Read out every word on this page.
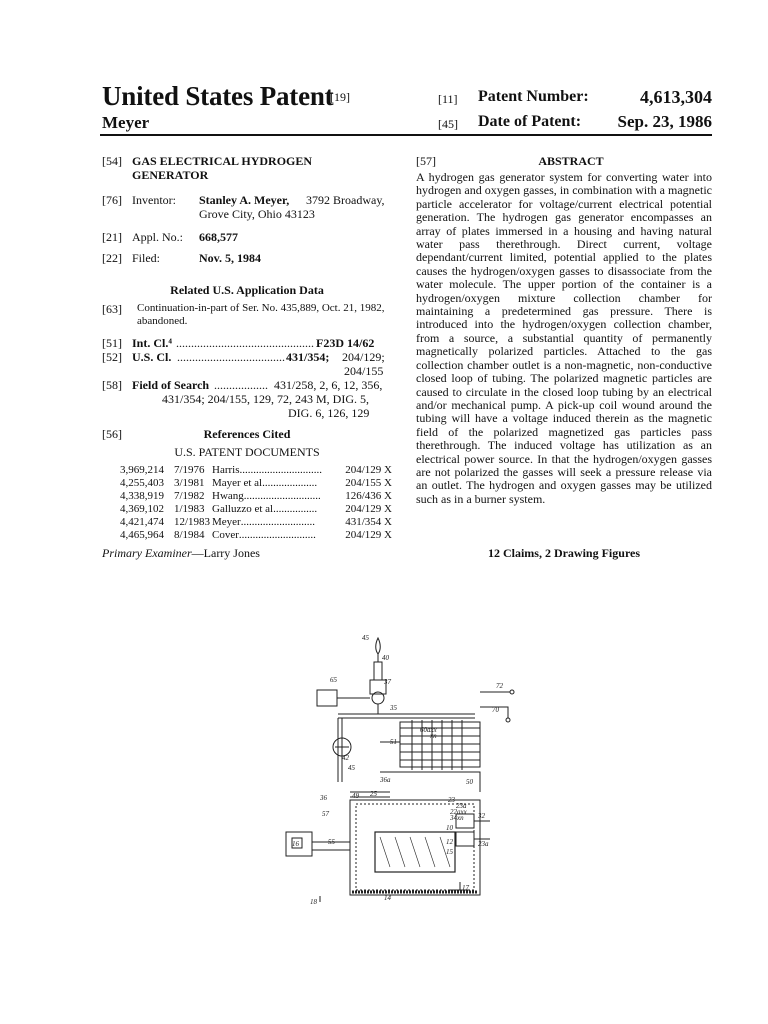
United States Patent
[19]
Meyer
[11] Patent Number:	4,613,304
[45] Date of Patent:	Sep. 23, 1986
[54] GAS ELECTRICAL HYDROGEN
GENERATOR
[76] Inventor: Stanley A. Meyer, 3792 Broadway,
Grove City, Ohio 43123
[21] Appl. No.: 668,577
[22] Filed:	Nov. 5, 1984
Related U.S. Application Data
[63] Continuation-in-part of Ser. No. 435,889, Oct. 21, 1982,
abandoned.
[51] Int. Cl.⁴ .............................................. F23D 14/62
[52] U.S. Cl. .................................... 431/354; 204/129;
204/155
[58] Field of Search .................. 431/258, 2, 6, 12, 356,
431/354; 204/155, 129, 72, 243 M, DIG. 5,
DIG. 6, 126, 129
[56]	References Cited
U.S. PATENT DOCUMENTS
3,969,214 7/1976 Harris ..............................	204/129 X
4,255,403 3/1981 Mayer et al. ...................	204/155 X
4,338,919 7/1982 Hwang ............................	126/436 X
4,369,102 1/1983 Galluzzo et al. ...............	204/129 X
4,421,474 12/1983 Meyer ...........................	431/354 X
4,465,964 8/1984 Cover ............................	204/129 X
Primary Examiner—Larry Jones
[57]	ABSTRACT
A hydrogen gas generator system for converting water into hydrogen and oxygen gasses, in combination with a magnetic particle accelerator for voltage/current electrical potential generation. The hydrogen gas generator encompasses an array of plates immersed in a housing and having natural water pass therethrough. Direct current, voltage dependant/current limited, potential applied to the plates causes the hydrogen/oxygen gasses to disassociate from the water molecule. The upper portion of the container is a hydrogen/oxygen mixture collection chamber for maintaining a predetermined gas pressure. There is introduced into the hydrogen/oxygen collection chamber, from a source, a substantial quantity of permanently magnetically polarized particles. Attached to the gas collection chamber outlet is a non-magnetic, non-conductive closed loop of tubing. The polarized magnetic particles are caused to circulate in the closed loop tubing by an electrical and/or mechanical pump. A pick-up coil wound around the tubing will have a voltage induced therein as the magnetic field of the polarized magnetized gas particles pass therethrough. The induced voltage has utilization as an electrical power source. In that the hydrogen/oxygen gasses are not polarized the gasses will seek a pressure release via an outlet. The hydrogen and oxygen gasses may be utilized such as in a burner system.
12 Claims, 2 Drawing Figures
45
40
65	37	72
35
60axx
xn
70
51
42
45
36a	50
36	49 25
23
23a
22axx
34xn 32
57
10
12	23a
16	55
15
17
14
18
